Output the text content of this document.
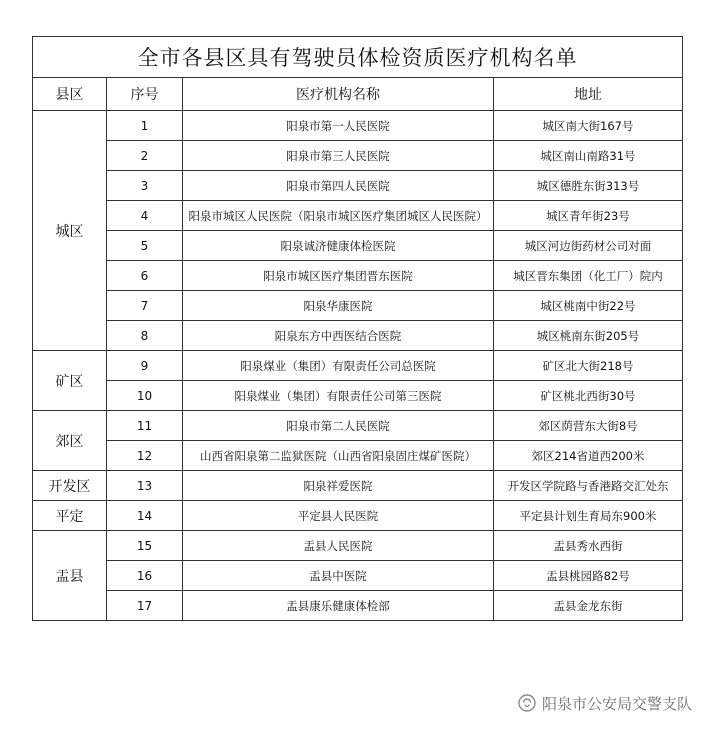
全市各县区具有驾驶员体检资质医疗机构名单			
县区	序号	医疗机构名称	地址
城区	1	阳泉市第一人民医院	城区南大街167号
	2	阳泉市第三人民医院	城区南山南路31号
	3	阳泉市第四人民医院	城区德胜东街313号
	4	阳泉市城区人民医院（阳泉市城区医疗集团城区人民医院）	城区青年街23号
	5	阳泉诚济健康体检医院	城区河边街药材公司对面
	6	阳泉市城区医疗集团晋东医院	城区晋东集团（化工厂）院内
	7	阳泉华康医院	城区桃南中街22号
	8	阳泉东方中西医结合医院	城区桃南东街205号
矿区	9	阳泉煤业（集团）有限责任公司总医院	矿区北大街218号
	10	阳泉煤业（集团）有限责任公司第三医院	矿区桃北西街30号
郊区	11	阳泉市第二人民医院	郊区荫营东大街8号
	12	山西省阳泉第二监狱医院（山西省阳泉固庄煤矿医院）	郊区214省道西200米
开发区	13	阳泉祥爱医院	开发区学院路与香港路交汇处东
平定	14	平定县人民医院	平定县计划生育局东900米
盂县	15	盂县人民医院	盂县秀水西街
	16	盂县中医院	盂县桃园路82号
	17	盂县康乐健康体检部	盂县金龙东街
阳泉市公安局交警支队
